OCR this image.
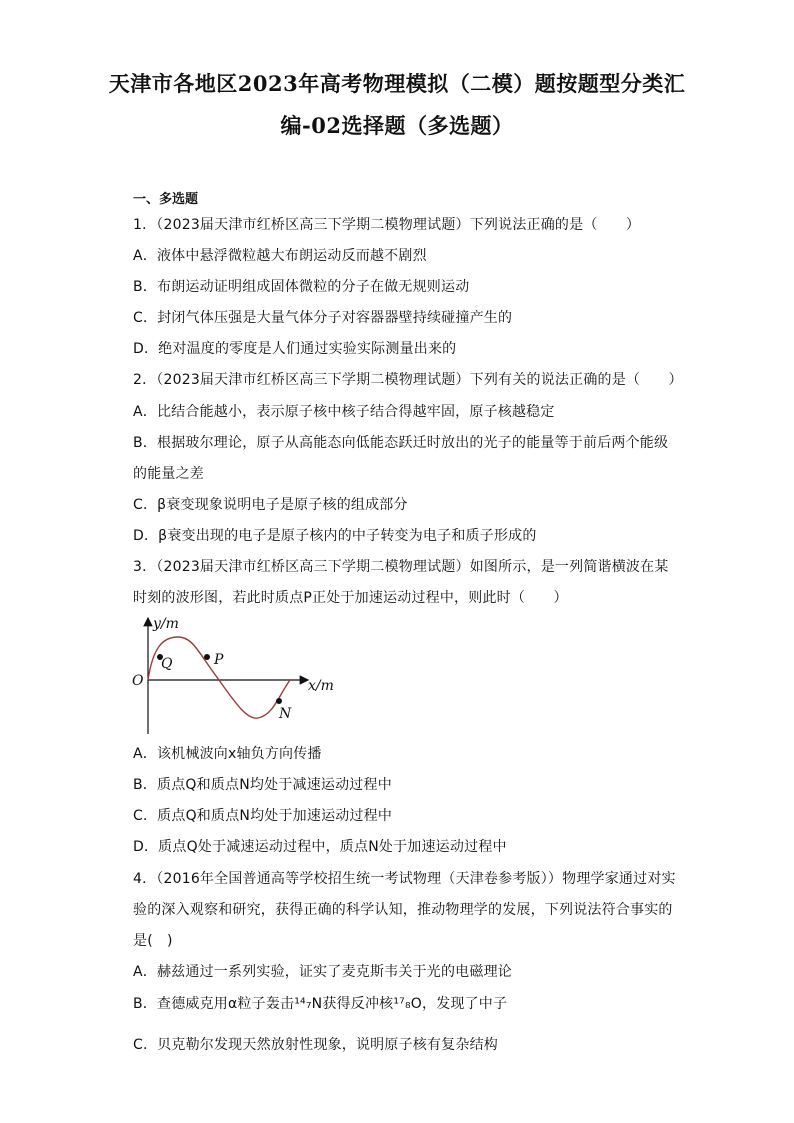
天津市各地区2023年高考物理模拟（二模）题按题型分类汇
编-02选择题（多选题）
一、多选题
1．（2023届天津市红桥区高三下学期二模物理试题）下列说法正确的是（　　）
A．液体中悬浮微粒越大布朗运动反而越不剧烈
B．布朗运动证明组成固体微粒的分子在做无规则运动
C．封闭气体压强是大量气体分子对容器器壁持续碰撞产生的
D．绝对温度的零度是人们通过实验实际测量出来的
2．（2023届天津市红桥区高三下学期二模物理试题）下列有关的说法正确的是（　　）
A．比结合能越小，表示原子核中核子结合得越牢固，原子核越稳定
B．根据玻尔理论，原子从高能态向低能态跃迁时放出的光子的能量等于前后两个能级
的能量之差
C．β衰变现象说明电子是原子核的组成部分
D．β衰变出现的电子是原子核内的中子转变为电子和质子形成的
3．（2023届天津市红桥区高三下学期二模物理试题）如图所示，是一列简谐横波在某
时刻的波形图，若此时质点P正处于加速运动过程中，则此时（　　）
y/m
x/m
O
Q	P
N
A．该机械波向x轴负方向传播
B．质点Q和质点N均处于减速运动过程中
C．质点Q和质点N均处于加速运动过程中
D．质点Q处于减速运动过程中，质点N处于加速运动过程中
4．（2016年全国普通高等学校招生统一考试物理（天津卷参考版））物理学家通过对实
验的深入观察和研究，获得正确的科学认知，推动物理学的发展，下列说法符合事实的
是(　)
A．赫兹通过一系列实验，证实了麦克斯韦关于光的电磁理论
B．查德威克用α粒子轰击¹⁴₇N获得反冲核¹⁷₈O，发现了中子
C．贝克勒尔发现天然放射性现象，说明原子核有复杂结构
